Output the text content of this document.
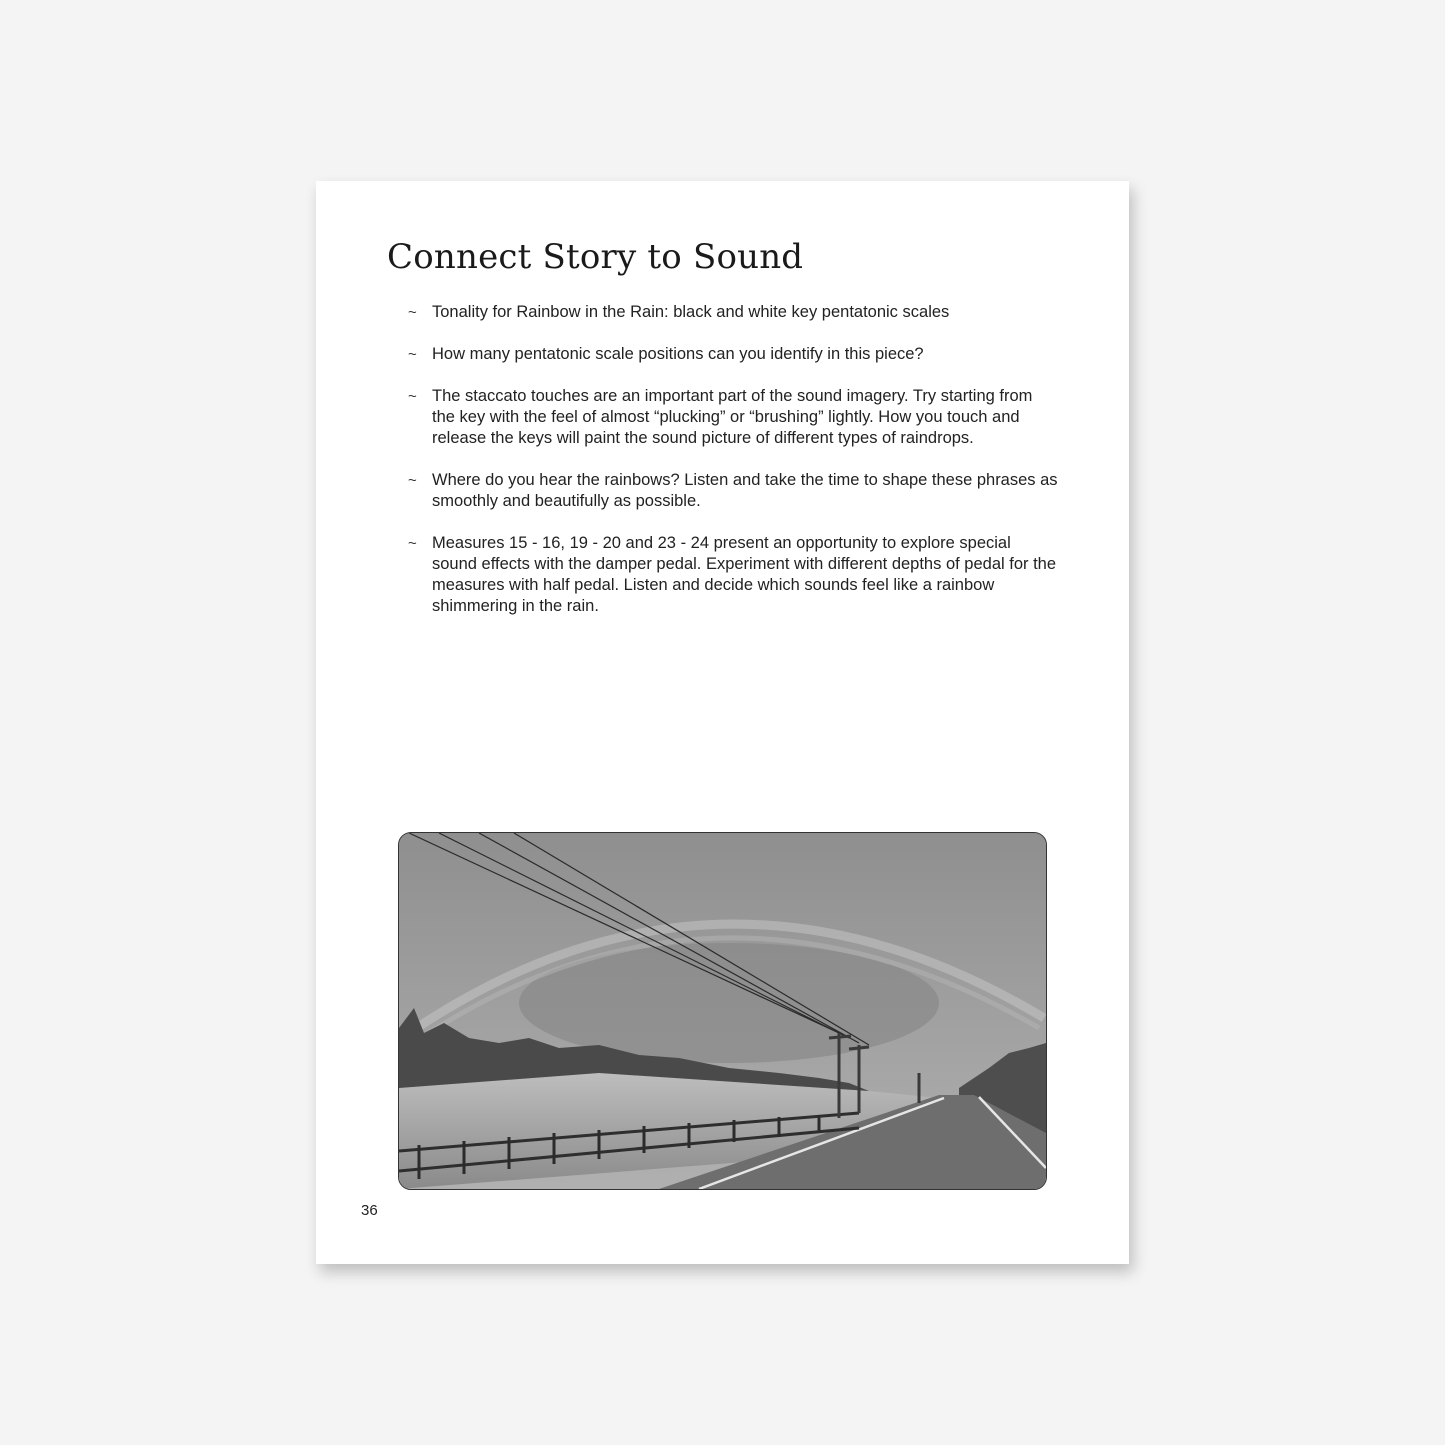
Connect Story to Sound
~ Tonality for Rainbow in the Rain: black and white key pentatonic scales
~ How many pentatonic scale positions can you identify in this piece?
~ The staccato touches are an important part of the sound imagery. Try starting from the key with the feel of almost “plucking” or “brushing” lightly. How you touch and release the keys will paint the sound picture of different types of raindrops.
~ Where do you hear the rainbows? Listen and take the time to shape these phrases as smoothly and beautifully as possible.
~ Measures 15 - 16, 19 - 20 and 23 - 24 present an opportunity to explore special sound effects with the damper pedal. Experiment with different depths of pedal for the measures with half pedal. Listen and decide which sounds feel like a rainbow shimmering in the rain.
36
